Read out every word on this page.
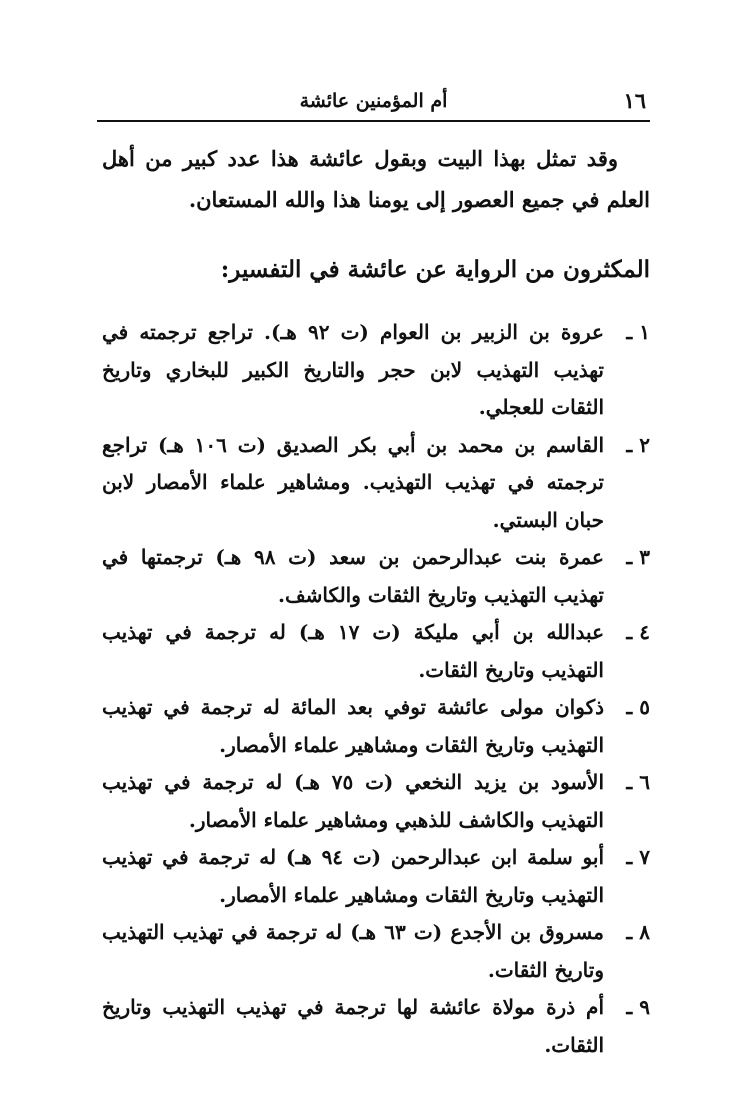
١٦
أم المؤمنين عائشة

وقد تمثل بهذا البيت وبقول عائشة هذا عدد كبير من أهل العلم في جميع العصور إلى يومنا هذا والله المستعان.

المكثرون من الرواية عن عائشة في التفسير:
١ ـ
عروة بن الزبير بن العوام (ت ٩٢ هـ). تراجع ترجمته في تهذيب التهذيب لابن حجر والتاريخ الكبير للبخاري وتاريخ الثقات للعجلي.
٢ ـ
القاسم بن محمد بن أبي بكر الصديق (ت ١٠٦ هـ) تراجع ترجمته في تهذيب التهذيب. ومشاهير علماء الأمصار لابن حبان البستي.
٣ ـ
عمرة بنت عبدالرحمن بن سعد (ت ٩٨ هـ) ترجمتها في تهذيب التهذيب وتاريخ الثقات والكاشف.
٤ ـ
عبدالله بن أبي مليكة (ت ١٧ هـ) له ترجمة في تهذيب التهذيب وتاريخ الثقات.
٥ ـ
ذكوان مولى عائشة توفي بعد المائة له ترجمة في تهذيب التهذيب وتاريخ الثقات ومشاهير علماء الأمصار.
٦ ـ
الأسود بن يزيد النخعي (ت ٧٥ هـ) له ترجمة في تهذيب التهذيب والكاشف للذهبي ومشاهير علماء الأمصار.
٧ ـ
أبو سلمة ابن عبدالرحمن (ت ٩٤ هـ) له ترجمة في تهذيب التهذيب وتاريخ الثقات ومشاهير علماء الأمصار.
٨ ـ
مسروق بن الأجدع (ت ٦٣ هـ) له ترجمة في تهذيب التهذيب وتاريخ الثقات.
٩ ـ
أم ذرة مولاة عائشة لها ترجمة في تهذيب التهذيب وتاريخ الثقات.
